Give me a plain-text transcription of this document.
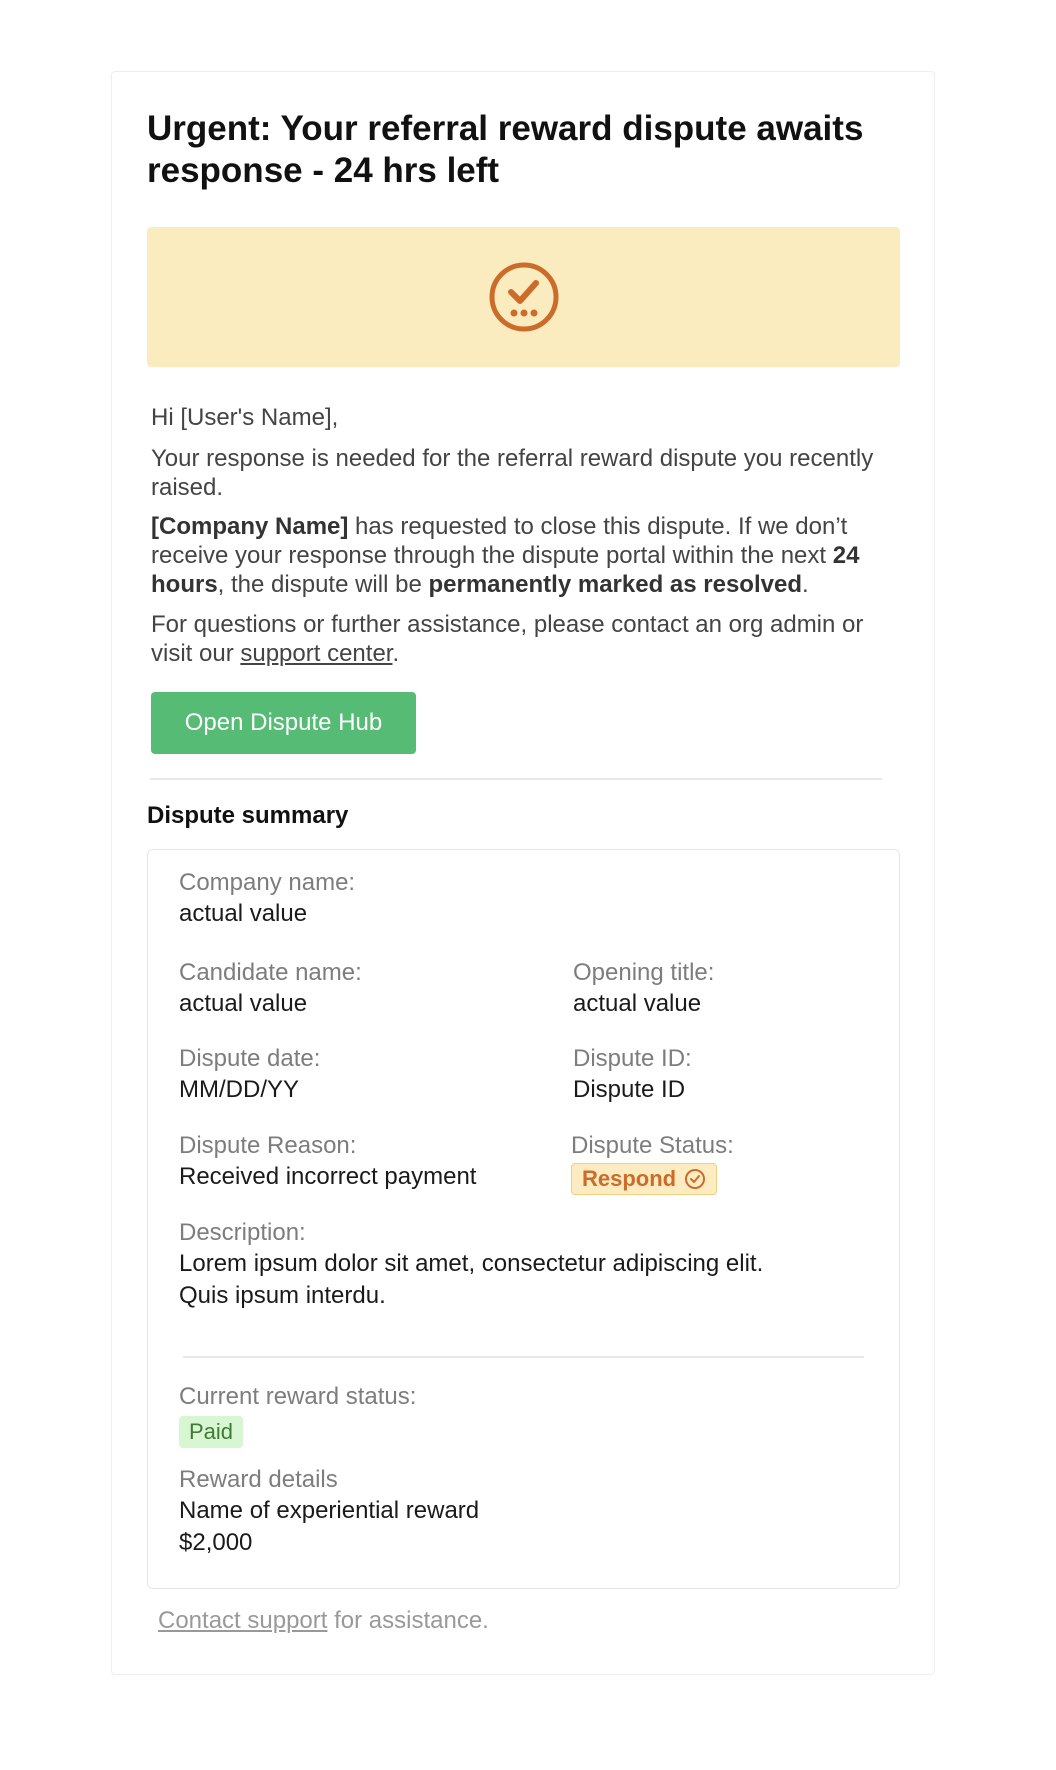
Urgent: Your referral reward dispute awaits response - 24 hrs left

Hi [User's Name],

Your response is needed for the referral reward dispute you recently raised.

[Company Name] has requested to close this dispute. If we don’t receive your response through the dispute portal within the next 24 hours, the dispute will be permanently marked as resolved.

For questions or further assistance, please contact an org admin or visit our support center.

Open Dispute Hub
Dispute summary
Company name:
actual value
Candidate name:
actual value
Opening title:
actual value
Dispute date:
MM/DD/YY
Dispute ID:
Dispute ID
Dispute Reason:
Received incorrect payment
Dispute Status:
Respond
Description:
Lorem ipsum dolor sit amet, consectetur adipiscing elit. Quis ipsum interdu.
Current reward status:
Paid
Reward details
Name of experiential reward
$2,000

Contact support for assistance.
